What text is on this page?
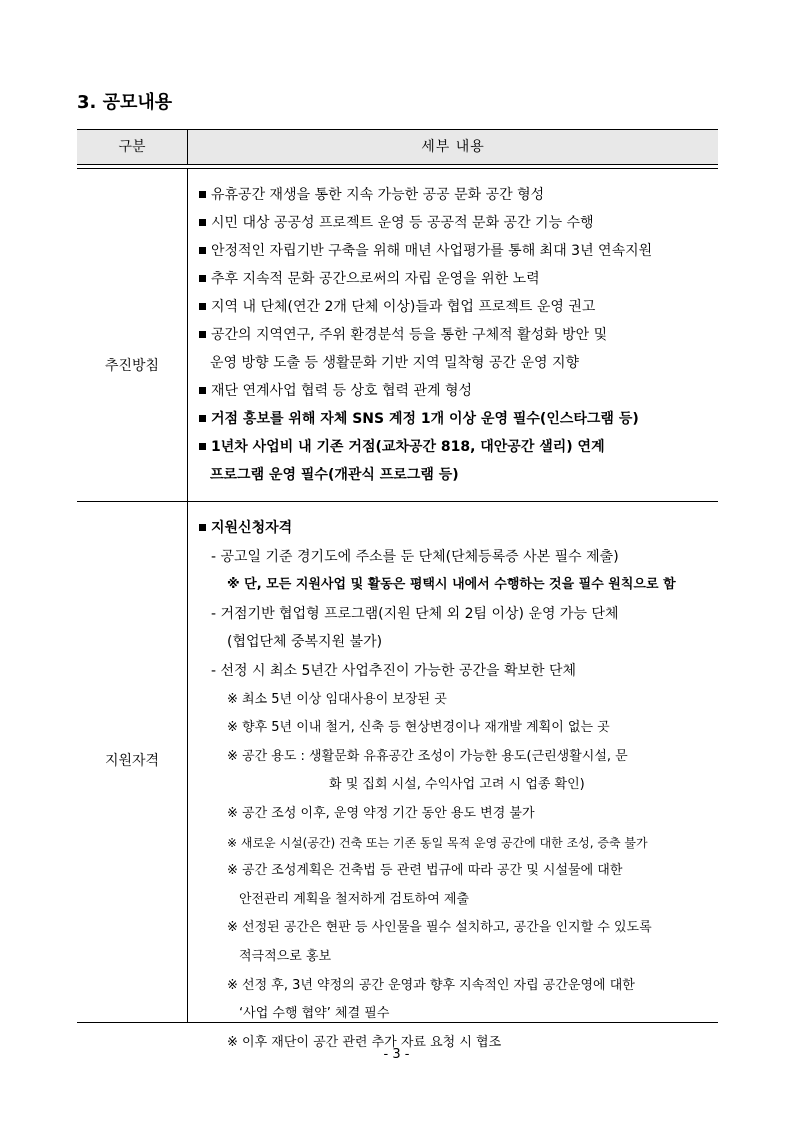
3. 공모내용
구분	세부 내용
추진방침
유휴공간 재생을 통한 지속 가능한 공공 문화 공간 형성
시민 대상 공공성 프로젝트 운영 등 공공적 문화 공간 기능 수행
안정적인 자립기반 구축을 위해 매년 사업평가를 통해 최대 3년 연속지원
추후 지속적 문화 공간으로써의 자립 운영을 위한 노력
지역 내 단체(연간 2개 단체 이상)들과 협업 프로젝트 운영 권고
공간의 지역연구, 주위 환경분석 등을 통한 구체적 활성화 방안 및
운영 방향 도출 등 생활문화 기반 지역 밀착형 공간 운영 지향
재단 연계사업 협력 등 상호 협력 관계 형성
거점 홍보를 위해 자체 SNS 계정 1개 이상 운영 필수(인스타그램 등)
1년차 사업비 내 기존 거점(교차공간 818, 대안공간 샐리) 연계
프로그램 운영 필수(개관식 프로그램 등)
지원자격
지원신청자격
- 공고일 기준 경기도에 주소를 둔 단체(단체등록증 사본 필수 제출)
※ 단, 모든 지원사업 및 활동은 평택시 내에서 수행하는 것을 필수 원칙으로 함
- 거점기반 협업형 프로그램(지원 단체 외 2팀 이상) 운영 가능 단체
(협업단체 중복지원 불가)
- 선정 시 최소 5년간 사업추진이 가능한 공간을 확보한 단체
※ 최소 5년 이상 임대사용이 보장된 곳
※ 향후 5년 이내 철거, 신축 등 현상변경이나 재개발 계획이 없는 곳
※ 공간 용도 : 생활문화 유휴공간 조성이 가능한 용도(근린생활시설, 문
화 및 집회 시설, 수익사업 고려 시 업종 확인)
※ 공간 조성 이후, 운영 약정 기간 동안 용도 변경 불가
※ 새로운 시설(공간) 건축 또는 기존 동일 목적 운영 공간에 대한 조성, 증축 불가
※ 공간 조성계획은 건축법 등 관련 법규에 따라 공간 및 시설물에 대한
안전관리 계획을 철저하게 검토하여 제출
※ 선정된 공간은 현판 등 사인물을 필수 설치하고, 공간을 인지할 수 있도록
적극적으로 홍보
※ 선정 후, 3년 약정의 공간 운영과 향후 지속적인 자립 공간운영에 대한
‘사업 수행 협약’ 체결 필수
※ 이후 재단이 공간 관련 추가 자료 요청 시 협조
- 3 -
